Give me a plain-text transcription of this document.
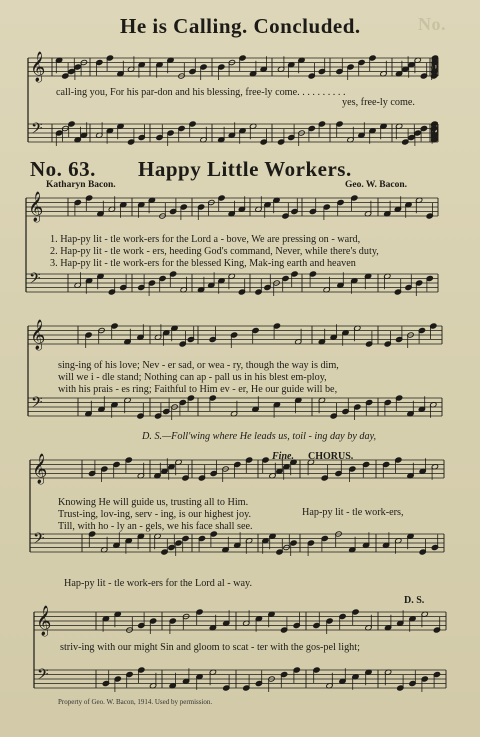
𝄞
𝄢
𝄞
𝄢
𝄞
𝄢
𝄞
𝄢
𝄞
𝄢
He is Calling. Concluded.	No.
call-ing you, For his par-don and his blessing, free-ly come. . . . . . . . . .
yes, free-ly come.
No. 63. Happy Little Workers.
Katharyn Bacon.	Geo. W. Bacon.
1. Hap-py lit - tle work-ers for the Lord a - bove, We are pressing on - ward,
2. Hap-py lit - tle work - ers, heeding God's command, Never, while there's duty,
3. Hap-py lit - tle work-ers for the blessed King, Mak-ing earth and heaven
sing-ing of his love; Nev - er sad, or wea - ry, though the way is dim,
will we i - dle stand; Nothing can ap - pall us in his blest em-ploy,
with his prais - es ring; Faithful to Him ev - er, He our guide will be,
D. S.—Foll'wing where He leads us, toil - ing day by day,
Fine. CHORUS.
Knowing He will guide us, trusting all to Him.
Trust-ing, lov-ing, serv - ing, is our highest joy.
Till, with ho - ly an - gels, we his face shall see.
Hap-py lit - tle work-ers,
Hap-py lit - tle work-ers for the Lord al - way.
D. S.
striv-ing with our might Sin and gloom to scat - ter with the gos-pel light;
Property of Geo. W. Bacon, 1914. Used by permission.
